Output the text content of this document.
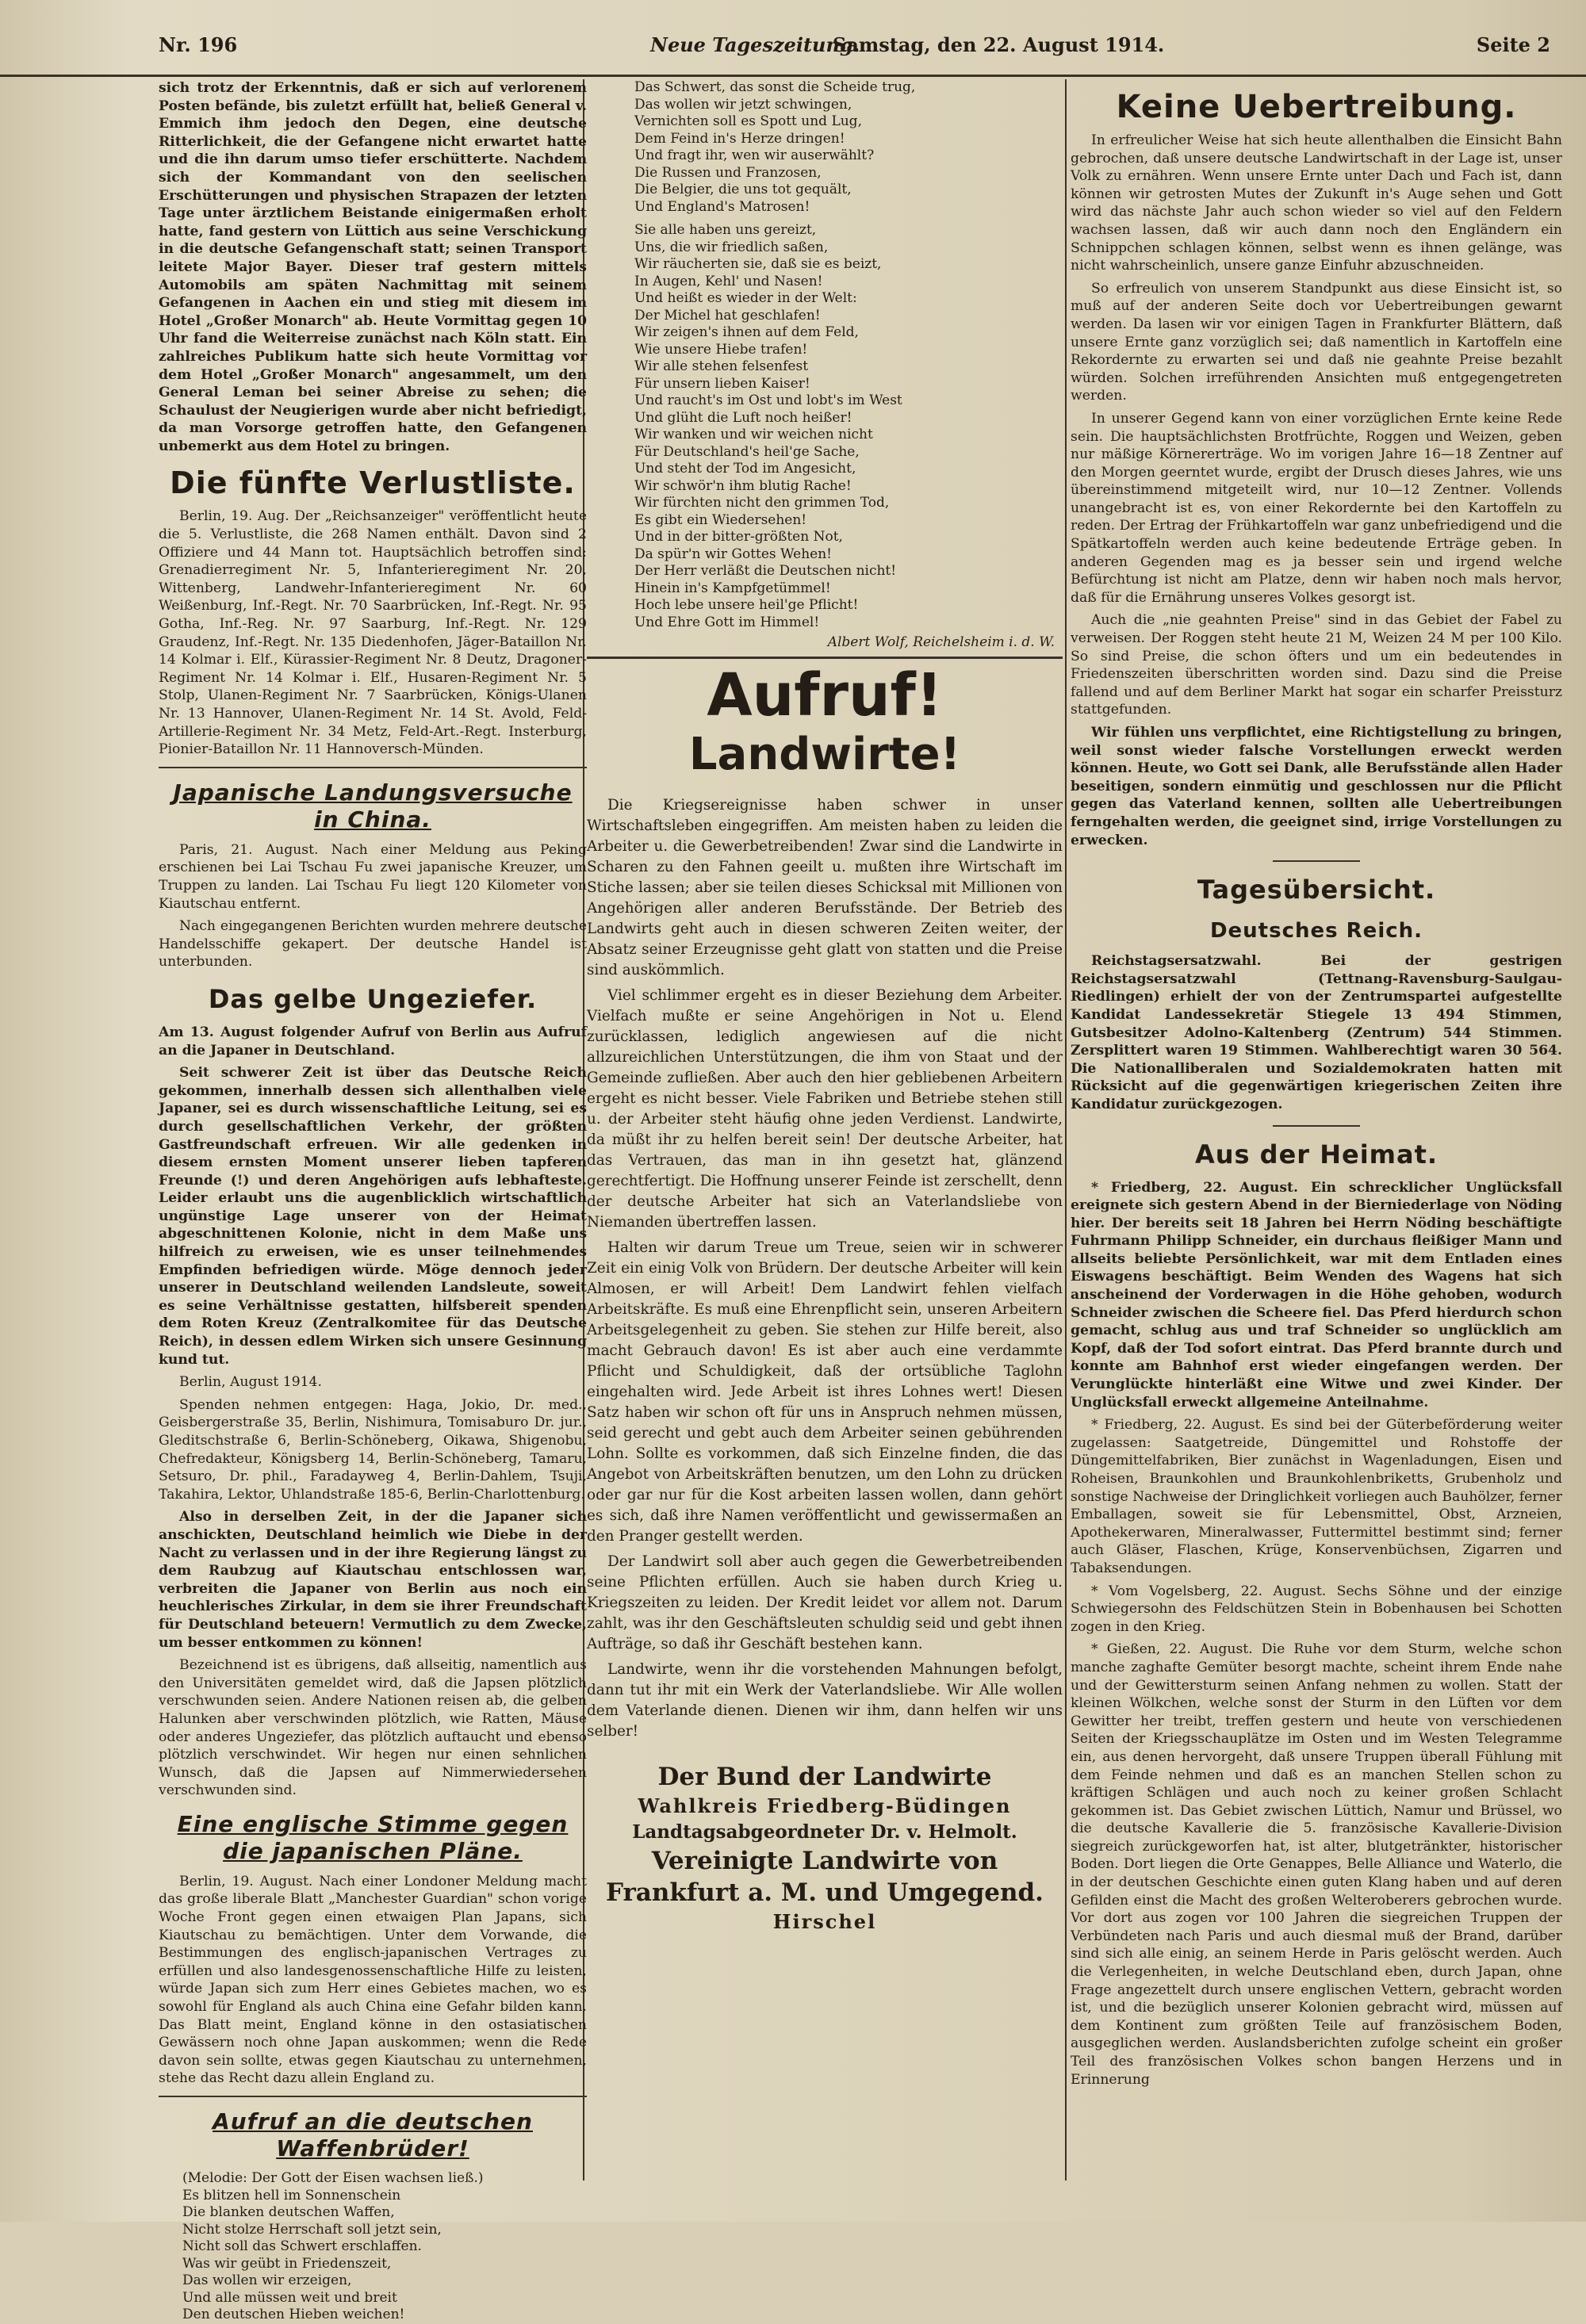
Nr. 196	Neue Tageszeitung.
Samstag, den 22. August 1914.	Seite 2

sich trotz der Erkenntnis, daß er sich auf verlorenem Posten befände, bis zuletzt erfüllt hat, beließ General v. Emmich ihm jedoch den Degen, eine deutsche Ritterlichkeit, die der Gefangene nicht erwartet hatte und die ihn darum umso tiefer erschütterte. Nachdem sich der Kommandant von den seelischen Erschütterungen und physischen Strapazen der letzten Tage unter ärztlichem Beistande einigermaßen erholt hatte, fand gestern von Lüttich aus seine Verschickung in die deutsche Gefangenschaft statt; seinen Transport leitete Major Bayer. Dieser traf gestern mittels Automobils am späten Nachmittag mit seinem Gefangenen in Aachen ein und stieg mit diesem im Hotel „Großer Monarch" ab. Heute Vormittag gegen 10 Uhr fand die Weiterreise zunächst nach Köln statt. Ein zahlreiches Publikum hatte sich heute Vormittag vor dem Hotel „Großer Monarch" angesammelt, um den General Leman bei seiner Abreise zu sehen; die Schaulust der Neugierigen wurde aber nicht befriedigt, da man Vorsorge getroffen hatte, den Gefangenen unbemerkt aus dem Hotel zu bringen.

Die fünfte Verlustliste.

Berlin, 19. Aug. Der „Reichsanzeiger" veröffentlicht heute die 5. Verlustliste, die 268 Namen enthält. Davon sind 2 Offiziere und 44 Mann tot. Hauptsächlich betroffen sind: Grenadierregiment Nr. 5, Infanterieregiment Nr. 20, Wittenberg, Landwehr-Infanterieregiment Nr. 60 Weißenburg, Inf.-Regt. Nr. 70 Saarbrücken, Inf.-Regt. Nr. 95 Gotha, Inf.-Reg. Nr. 97 Saarburg, Inf.-Regt. Nr. 129 Graudenz, Inf.-Regt. Nr. 135 Diedenhofen, Jäger-Bataillon Nr. 14 Kolmar i. Elf., Kürassier-Regiment Nr. 8 Deutz, Dragoner-Regiment Nr. 14 Kolmar i. Elf., Husaren-Regiment Nr. 5 Stolp, Ulanen-Regiment Nr. 7 Saarbrücken, Königs-Ulanen Nr. 13 Hannover, Ulanen-Regiment Nr. 14 St. Avold, Feld-Artillerie-Regiment Nr. 34 Metz, Feld-Art.-Regt. Insterburg, Pionier-Bataillon Nr. 11 Hannoversch-Münden.

Japanische Landungsversuche in China.

Paris, 21. August. Nach einer Meldung aus Peking erschienen bei Lai Tschau Fu zwei japanische Kreuzer, um Truppen zu landen. Lai Tschau Fu liegt 120 Kilometer von Kiautschau entfernt.

Nach eingegangenen Berichten wurden mehrere deutsche Handelsschiffe gekapert. Der deutsche Handel ist unterbunden.

Das gelbe Ungeziefer.

Am 13. August folgender Aufruf von Berlin aus Aufruf an die Japaner in Deutschland.

Seit schwerer Zeit ist über das Deutsche Reich gekommen, innerhalb dessen sich allenthalben viele Japaner, sei es durch wissenschaftliche Leitung, sei es durch gesellschaftlichen Verkehr, der größten Gastfreundschaft erfreuen. Wir alle gedenken in diesem ernsten Moment unserer lieben tapferen Freunde (!) und deren Angehörigen aufs lebhafteste. Leider erlaubt uns die augenblicklich wirtschaftlich ungünstige Lage unserer von der Heimat abgeschnittenen Kolonie, nicht in dem Maße uns hilfreich zu erweisen, wie es unser teilnehmendes Empfinden befriedigen würde. Möge dennoch jeder unserer in Deutschland weilenden Landsleute, soweit es seine Verhältnisse gestatten, hilfsbereit spenden dem Roten Kreuz (Zentralkomitee für das Deutsche Reich), in dessen edlem Wirken sich unsere Gesinnung kund tut.

Berlin, August 1914.

Spenden nehmen entgegen: Haga, Jokio, Dr. med., Geisbergerstraße 35, Berlin, Nishimura, Tomisaburo Dr. jur., Gleditschstraße 6, Berlin-Schöneberg, Oikawa, Shigenobu, Chefredakteur, Königsberg 14, Berlin-Schöneberg, Tamaru, Setsuro, Dr. phil., Faradayweg 4, Berlin-Dahlem, Tsuji, Takahira, Lektor, Uhlandstraße 185-6, Berlin-Charlottenburg.

Also in derselben Zeit, in der die Japaner sich anschickten, Deutschland heimlich wie Diebe in der Nacht zu verlassen und in der ihre Regierung längst zu dem Raubzug auf Kiautschau entschlossen war, verbreiten die Japaner von Berlin aus noch ein heuchlerisches Zirkular, in dem sie ihrer Freundschaft für Deutschland beteuern! Vermutlich zu dem Zwecke, um besser entkommen zu können!

Bezeichnend ist es übrigens, daß allseitig, namentlich aus den Universitäten gemeldet wird, daß die Japsen plötzlich verschwunden seien. Andere Nationen reisen ab, die gelben Halunken aber verschwinden plötzlich, wie Ratten, Mäuse oder anderes Ungeziefer, das plötzlich auftaucht und ebenso plötzlich verschwindet. Wir hegen nur einen sehnlichen Wunsch, daß die Japsen auf Nimmerwiedersehen verschwunden sind.

Eine englische Stimme gegen die japanischen Pläne.

Berlin, 19. August. Nach einer Londoner Meldung macht das große liberale Blatt „Manchester Guardian" schon vorige Woche Front gegen einen etwaigen Plan Japans, sich Kiautschau zu bemächtigen. Unter dem Vorwande, die Bestimmungen des englisch-japanischen Vertrages zu erfüllen und also landesgenossenschaftliche Hilfe zu leisten, würde Japan sich zum Herr eines Gebietes machen, wo es sowohl für England als auch China eine Gefahr bilden kann. Das Blatt meint, England könne in den ostasiatischen Gewässern noch ohne Japan auskommen; wenn die Rede davon sein sollte, etwas gegen Kiautschau zu unternehmen, stehe das Recht dazu allein England zu.

Aufruf an die deutschen Waffenbrüder!
(Melodie: Der Gott der Eisen wachsen ließ.)
Es blitzen hell im Sonnenschein
Die blanken deutschen Waffen,
Nicht stolze Herrschaft soll jetzt sein,
Nicht soll das Schwert erschlaffen.
Was wir geübt in Friedenszeit,
Das wollen wir erzeigen,
Und alle müssen weit und breit
Den deutschen Hieben weichen!
Das Schwert, das sonst die Scheide trug,
Das wollen wir jetzt schwingen,
Vernichten soll es Spott und Lug,
Dem Feind in's Herze dringen!
Und fragt ihr, wen wir auserwählt?
Die Russen und Franzosen,
Die Belgier, die uns tot gequält,
Und England's Matrosen!
Sie alle haben uns gereizt,
Uns, die wir friedlich saßen,
Wir räucherten sie, daß sie es beizt,
In Augen, Kehl' und Nasen!
Und heißt es wieder in der Welt:
Der Michel hat geschlafen!
Wir zeigen's ihnen auf dem Feld,
Wie unsere Hiebe trafen!
Wir alle stehen felsenfest
Für unsern lieben Kaiser!
Und raucht's im Ost und lobt's im West
Und glüht die Luft noch heißer!
Wir wanken und wir weichen nicht
Für Deutschland's heil'ge Sache,
Und steht der Tod im Angesicht,
Wir schwör'n ihm blutig Rache!
Wir fürchten nicht den grimmen Tod,
Es gibt ein Wiedersehen!
Und in der bitter-größten Not,
Da spür'n wir Gottes Wehen!
Der Herr verläßt die Deutschen nicht!
Hinein in's Kampfgetümmel!
Hoch lebe unsere heil'ge Pflicht!
Und Ehre Gott im Himmel!
Albert Wolf, Reichelsheim i. d. W.
Aufruf!
Landwirte!

Die Kriegsereignisse haben schwer in unser Wirtschaftsleben eingegriffen. Am meisten haben zu leiden die Arbeiter u. die Gewerbetreibenden! Zwar sind die Landwirte in Scharen zu den Fahnen geeilt u. mußten ihre Wirtschaft im Stiche lassen; aber sie teilen dieses Schicksal mit Millionen von Angehörigen aller anderen Berufsstände. Der Betrieb des Landwirts geht auch in diesen schweren Zeiten weiter, der Absatz seiner Erzeugnisse geht glatt von statten und die Preise sind auskömmlich.

Viel schlimmer ergeht es in dieser Beziehung dem Arbeiter. Vielfach mußte er seine Angehörigen in Not u. Elend zurücklassen, lediglich angewiesen auf die nicht allzureichlichen Unterstützungen, die ihm von Staat und der Gemeinde zufließen. Aber auch den hier gebliebenen Arbeitern ergeht es nicht besser. Viele Fabriken und Betriebe stehen still u. der Arbeiter steht häufig ohne jeden Verdienst. Landwirte, da müßt ihr zu helfen bereit sein! Der deutsche Arbeiter, hat das Vertrauen, das man in ihn gesetzt hat, glänzend gerechtfertigt. Die Hoffnung unserer Feinde ist zerschellt, denn der deutsche Arbeiter hat sich an Vaterlandsliebe von Niemanden übertreffen lassen.

Halten wir darum Treue um Treue, seien wir in schwerer Zeit ein einig Volk von Brüdern. Der deutsche Arbeiter will kein Almosen, er will Arbeit! Dem Landwirt fehlen vielfach Arbeitskräfte. Es muß eine Ehrenpflicht sein, unseren Arbeitern Arbeitsgelegenheit zu geben. Sie stehen zur Hilfe bereit, also macht Gebrauch davon! Es ist aber auch eine verdammte Pflicht und Schuldigkeit, daß der ortsübliche Taglohn eingehalten wird. Jede Arbeit ist ihres Lohnes wert! Diesen Satz haben wir schon oft für uns in Anspruch nehmen müssen, seid gerecht und gebt auch dem Arbeiter seinen gebührenden Lohn. Sollte es vorkommen, daß sich Einzelne finden, die das Angebot von Arbeitskräften benutzen, um den Lohn zu drücken oder gar nur für die Kost arbeiten lassen wollen, dann gehört es sich, daß ihre Namen veröffentlicht und gewissermaßen an den Pranger gestellt werden.

Der Landwirt soll aber auch gegen die Gewerbetreibenden seine Pflichten erfüllen. Auch sie haben durch Krieg u. Kriegszeiten zu leiden. Der Kredit leidet vor allem not. Darum zahlt, was ihr den Geschäftsleuten schuldig seid und gebt ihnen Aufträge, so daß ihr Geschäft bestehen kann.

Landwirte, wenn ihr die vorstehenden Mahnungen befolgt, dann tut ihr mit ein Werk der Vaterlandsliebe. Wir Alle wollen dem Vaterlande dienen. Dienen wir ihm, dann helfen wir uns selber!

Der Bund der Landwirte
Wahlkreis Friedberg-Büdingen
Landtagsabgeordneter Dr. v. Helmolt.
Vereinigte Landwirte von Frankfurt a. M. und Umgegend.
Hirschel
Keine Uebertreibung.

In erfreulicher Weise hat sich heute allenthalben die Einsicht Bahn gebrochen, daß unsere deutsche Landwirtschaft in der Lage ist, unser Volk zu ernähren. Wenn unsere Ernte unter Dach und Fach ist, dann können wir getrosten Mutes der Zukunft in's Auge sehen und Gott wird das nächste Jahr auch schon wieder so viel auf den Feldern wachsen lassen, daß wir auch dann noch den Engländern ein Schnippchen schlagen können, selbst wenn es ihnen gelänge, was nicht wahrscheinlich, unsere ganze Einfuhr abzuschneiden.

So erfreulich von unserem Standpunkt aus diese Einsicht ist, so muß auf der anderen Seite doch vor Uebertreibungen gewarnt werden. Da lasen wir vor einigen Tagen in Frankfurter Blättern, daß unsere Ernte ganz vorzüglich sei; daß namentlich in Kartoffeln eine Rekordernte zu erwarten sei und daß nie geahnte Preise bezahlt würden. Solchen irreführenden Ansichten muß entgegengetreten werden.

In unserer Gegend kann von einer vorzüglichen Ernte keine Rede sein. Die hauptsächlichsten Brotfrüchte, Roggen und Weizen, geben nur mäßige Körnererträge. Wo im vorigen Jahre 16—18 Zentner auf den Morgen geerntet wurde, ergibt der Drusch dieses Jahres, wie uns übereinstimmend mitgeteilt wird, nur 10—12 Zentner. Vollends unangebracht ist es, von einer Rekordernte bei den Kartoffeln zu reden. Der Ertrag der Frühkartoffeln war ganz unbefriedigend und die Spätkartoffeln werden auch keine bedeutende Erträge geben. In anderen Gegenden mag es ja besser sein und irgend welche Befürchtung ist nicht am Platze, denn wir haben noch mals hervor, daß für die Ernährung unseres Volkes gesorgt ist.

Auch die „nie geahnten Preise" sind in das Gebiet der Fabel zu verweisen. Der Roggen steht heute 21 M, Weizen 24 M per 100 Kilo. So sind Preise, die schon öfters und um ein bedeutendes in Friedenszeiten überschritten worden sind. Dazu sind die Preise fallend und auf dem Berliner Markt hat sogar ein scharfer Preissturz stattgefunden.

Wir fühlen uns verpflichtet, eine Richtigstellung zu bringen, weil sonst wieder falsche Vorstellungen erweckt werden können. Heute, wo Gott sei Dank, alle Berufsstände allen Hader beseitigen, sondern einmütig und geschlossen nur die Pflicht gegen das Vaterland kennen, sollten alle Uebertreibungen ferngehalten werden, die geeignet sind, irrige Vorstellungen zu erwecken.

Tagesübersicht.
Deutsches Reich.

Reichstagsersatzwahl. Bei der gestrigen Reichstagsersatzwahl (Tettnang-Ravensburg-Saulgau-Riedlingen) erhielt der von der Zentrumspartei aufgestellte Kandidat Landessekretär Stiegele 13 494 Stimmen, Gutsbesitzer Adolno-Kaltenberg (Zentrum) 544 Stimmen. Zersplittert waren 19 Stimmen. Wahlberechtigt waren 30 564. Die Nationalliberalen und Sozialdemokraten hatten mit Rücksicht auf die gegenwärtigen kriegerischen Zeiten ihre Kandidatur zurückgezogen.

Aus der Heimat.

* Friedberg, 22. August. Ein schrecklicher Unglücksfall ereignete sich gestern Abend in der Bierniederlage von Nöding hier. Der bereits seit 18 Jahren bei Herrn Nöding beschäftigte Fuhrmann Philipp Schneider, ein durchaus fleißiger Mann und allseits beliebte Persönlichkeit, war mit dem Entladen eines Eiswagens beschäftigt. Beim Wenden des Wagens hat sich anscheinend der Vorderwagen in die Höhe gehoben, wodurch Schneider zwischen die Scheere fiel. Das Pferd hierdurch schon gemacht, schlug aus und traf Schneider so unglücklich am Kopf, daß der Tod sofort eintrat. Das Pferd brannte durch und konnte am Bahnhof erst wieder eingefangen werden. Der Verunglückte hinterläßt eine Witwe und zwei Kinder. Der Unglücksfall erweckt allgemeine Anteilnahme.

* Friedberg, 22. August. Es sind bei der Güterbeförderung weiter zugelassen: Saatgetreide, Düngemittel und Rohstoffe der Düngemittelfabriken, Bier zunächst in Wagenladungen, Eisen und Roheisen, Braunkohlen und Braunkohlenbriketts, Grubenholz und sonstige Nachweise der Dringlichkeit vorliegen auch Bauhölzer, ferner Emballagen, soweit sie für Lebensmittel, Obst, Arzneien, Apothekerwaren, Mineralwasser, Futtermittel bestimmt sind; ferner auch Gläser, Flaschen, Krüge, Konservenbüchsen, Zigarren und Tabaksendungen.

* Vom Vogelsberg, 22. August. Sechs Söhne und der einzige Schwiegersohn des Feldschützen Stein in Bobenhausen bei Schotten zogen in den Krieg.

* Gießen, 22. August. Die Ruhe vor dem Sturm, welche schon manche zaghafte Gemüter besorgt machte, scheint ihrem Ende nahe und der Gewittersturm seinen Anfang nehmen zu wollen. Statt der kleinen Wölkchen, welche sonst der Sturm in den Lüften vor dem Gewitter her treibt, treffen gestern und heute von verschiedenen Seiten der Kriegsschauplätze im Osten und im Westen Telegramme ein, aus denen hervorgeht, daß unsere Truppen überall Fühlung mit dem Feinde nehmen und daß es an manchen Stellen schon zu kräftigen Schlägen und auch noch zu keiner großen Schlacht gekommen ist. Das Gebiet zwischen Lüttich, Namur und Brüssel, wo die deutsche Kavallerie die 5. französische Kavallerie-Division siegreich zurückgeworfen hat, ist alter, blutgetränkter, historischer Boden. Dort liegen die Orte Genappes, Belle Alliance und Waterlo, die in der deutschen Geschichte einen guten Klang haben und auf deren Gefilden einst die Macht des großen Welteroberers gebrochen wurde. Vor dort aus zogen vor 100 Jahren die siegreichen Truppen der Verbündeten nach Paris und auch diesmal muß der Brand, darüber sind sich alle einig, an seinem Herde in Paris gelöscht werden. Auch die Verlegenheiten, in welche Deutschland eben, durch Japan, ohne Frage angezettelt durch unsere englischen Vettern, gebracht worden ist, und die bezüglich unserer Kolonien gebracht wird, müssen auf dem Kontinent zum größten Teile auf französischem Boden, ausgeglichen werden. Auslandsberichten zufolge scheint ein großer Teil des französischen Volkes schon bangen Herzens und in Erinnerung
